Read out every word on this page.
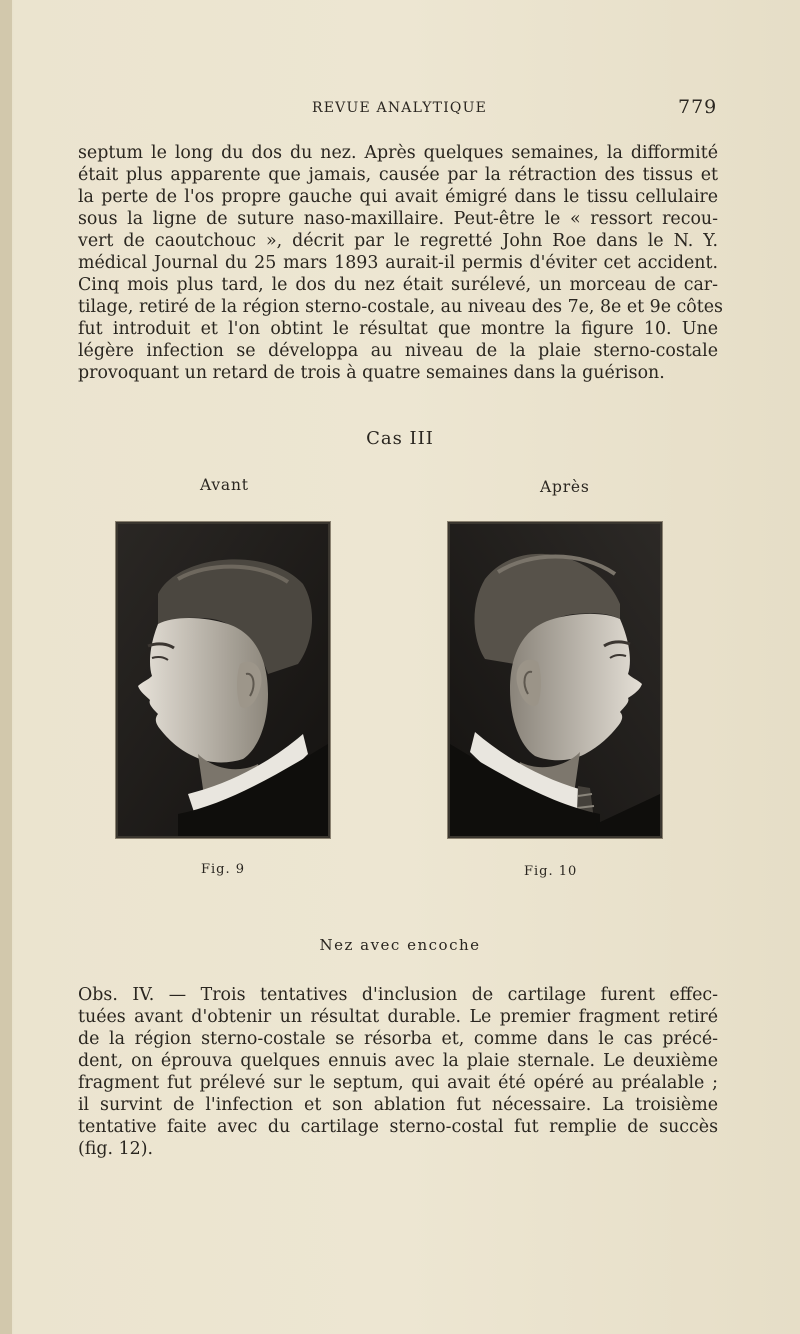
REVUE ANALYTIQUE	779
septum le long du dos du nez. Après quelques semaines, la difformité
était plus apparente que jamais, causée par la rétraction des tissus et
la perte de l'os propre gauche qui avait émigré dans le tissu cellulaire
sous la ligne de suture naso-maxillaire. Peut-être le « ressort recou-
vert de caoutchouc », décrit par le regretté John Roe dans le N. Y.
médical Journal du 25 mars 1893 aurait-il permis d'éviter cet accident.
Cinq mois plus tard, le dos du nez était surélevé, un morceau de car-
tilage, retiré de la région sterno-costale, au niveau des 7e, 8e et 9e côtes
fut introduit et l'on obtint le résultat que montre la figure 10. Une
légère infection se développa au niveau de la plaie sterno-costale
provoquant un retard de trois à quatre semaines dans la guérison.
Cas III
Avant	Après
Fig. 9	Fig. 10
Nez avec encoche
Obs. IV. — Trois tentatives d'inclusion de cartilage furent effec-
tuées avant d'obtenir un résultat durable. Le premier fragment retiré
de la région sterno-costale se résorba et, comme dans le cas précé-
dent, on éprouva quelques ennuis avec la plaie sternale. Le deuxième
fragment fut prélevé sur le septum, qui avait été opéré au préalable ;
il survint de l'infection et son ablation fut nécessaire. La troisième
tentative faite avec du cartilage sterno-costal fut remplie de succès
(fig. 12).
